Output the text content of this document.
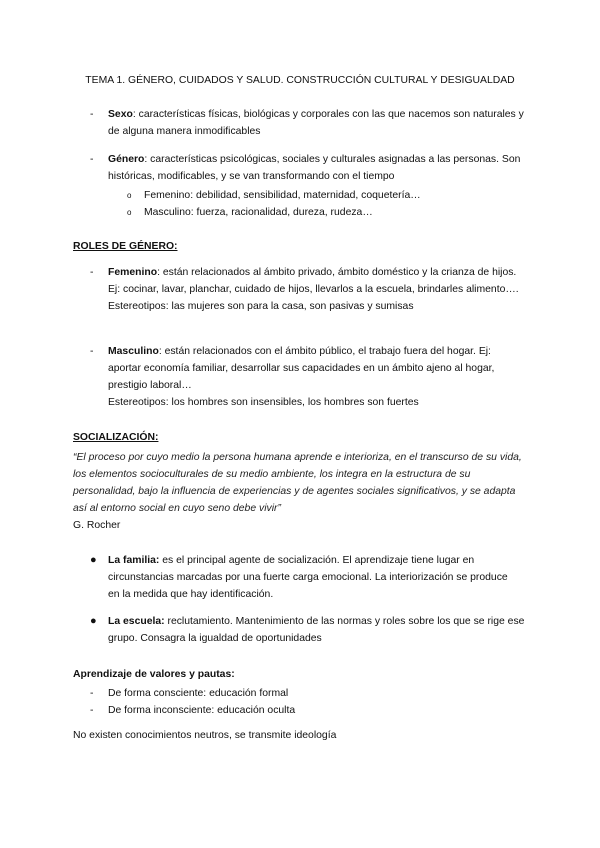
TEMA 1. GÉNERO, CUIDADOS Y SALUD. CONSTRUCCIÓN CULTURAL Y DESIGUALDAD
- Sexo: características físicas, biológicas y corporales con las que nacemos son naturales y de alguna manera inmodificables
- Género: características psicológicas, sociales y culturales asignadas a las personas. Son históricas, modificables, y se van transformando con el tiempo
o Femenino: debilidad, sensibilidad, maternidad, coquetería…
o Masculino: fuerza, racionalidad, dureza, rudeza…
ROLES DE GÉNERO:
- Femenino: están relacionados al ámbito privado, ámbito doméstico y la crianza de hijos. Ej: cocinar, lavar, planchar, cuidado de hijos, llevarlos a la escuela, brindarles alimento….
Estereotipos: las mujeres son para la casa, son pasivas y sumisas
- Masculino: están relacionados con el ámbito público, el trabajo fuera del hogar. Ej: aportar economía familiar, desarrollar sus capacidades en un ámbito ajeno al hogar, prestigio laboral…
Estereotipos: los hombres son insensibles, los hombres son fuertes
SOCIALIZACIÓN:
“El proceso por cuyo medio la persona humana aprende e interioriza, en el transcurso de su vida, los elementos socioculturales de su medio ambiente, los integra en la estructura de su personalidad, bajo la influencia de experiencias y de agentes sociales significativos, y se adapta así al entorno social en cuyo seno debe vivir”
G. Rocher
● La familia: es el principal agente de socialización. El aprendizaje tiene lugar en circunstancias marcadas por una fuerte carga emocional. La interiorización se produce en la medida que hay identificación.
● La escuela: reclutamiento. Mantenimiento de las normas y roles sobre los que se rige ese grupo. Consagra la igualdad de oportunidades
Aprendizaje de valores y pautas:
- De forma consciente: educación formal
- De forma inconsciente: educación oculta
No existen conocimientos neutros, se transmite ideología
